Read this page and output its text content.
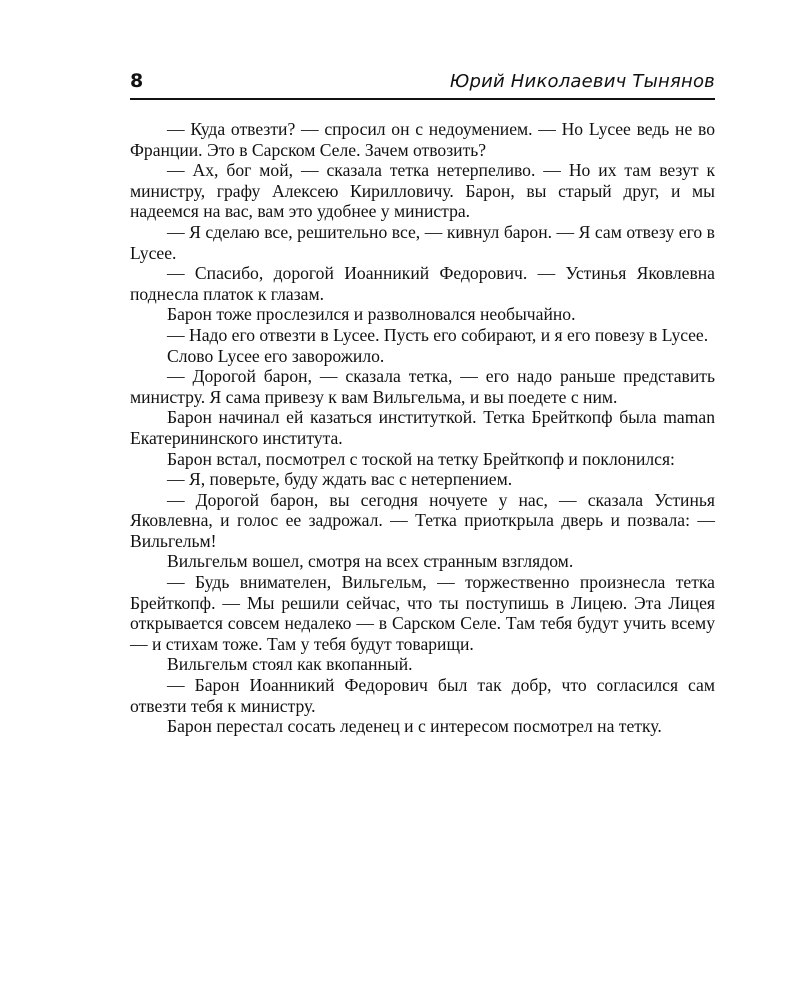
8	Юрий Николаевич Тынянов

— Куда отвезти? — спросил он с недоумением. — Но Lycee ведь не во Франции. Это в Сарском Селе. Зачем отвозить?

— Ах, бог мой, — сказала тетка нетерпеливо. — Но их там везут к министру, графу Алексею Кирилловичу. Барон, вы старый друг, и мы надеемся на вас, вам это удобнее у министра.

— Я сделаю все, решительно все, — кивнул барон. — Я сам отвезу его в Lycee.

— Спасибо, дорогой Иоанникий Федорович. — Устинья Яковлевна поднесла платок к глазам.

Барон тоже прослезился и разволновался необычайно.

— Надо его отвезти в Lycee. Пусть его собирают, и я его повезу в Lycee.

Слово Lycee его заворожило.

— Дорогой барон, — сказала тетка, — его надо раньше представить министру. Я сама привезу к вам Вильгельма, и вы поедете с ним.

Барон начинал ей казаться институткой. Тетка Брейткопф была maman Екатерининского института.

Барон встал, посмотрел с тоской на тетку Брейткопф и поклонился:

— Я, поверьте, буду ждать вас с нетерпением.

— Дорогой барон, вы сегодня ночуете у нас, — сказала Устинья Яковлевна, и голос ее задрожал. — Тетка приоткрыла дверь и позвала: — Вильгельм!

Вильгельм вошел, смотря на всех странным взглядом.

— Будь внимателен, Вильгельм, — торжественно произнесла тетка Брейткопф. — Мы решили сейчас, что ты поступишь в Лицею. Эта Лицея открывается совсем недалеко — в Сарском Селе. Там тебя будут учить всему — и стихам тоже. Там у тебя будут товарищи.

Вильгельм стоял как вкопанный.

— Барон Иоанникий Федорович был так добр, что согласился сам отвезти тебя к министру.

Барон перестал сосать леденец и с интересом посмотрел на тетку.
